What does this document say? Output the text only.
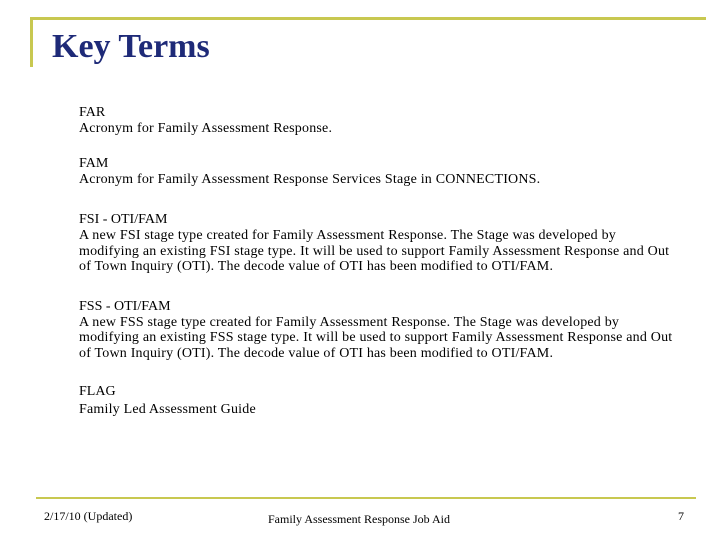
Key Terms
FAR
Acronym for Family Assessment Response.
FAM
Acronym for Family Assessment Response Services Stage in CONNECTIONS.
FSI - OTI/FAM
A new FSI stage type created for Family Assessment Response. The Stage was developed by modifying an existing FSI stage type. It will be used to support Family Assessment Response and Out of Town Inquiry (OTI). The decode value of OTI has been modified to OTI/FAM.
FSS - OTI/FAM
A new FSS stage type created for Family Assessment Response. The Stage was developed by modifying an existing FSS stage type. It will be used to support Family Assessment Response and Out of Town Inquiry (OTI). The decode value of OTI has been modified to OTI/FAM.
FLAG
Family Led Assessment Guide
2/17/10 (Updated)	Family Assessment Response Job Aid	7
